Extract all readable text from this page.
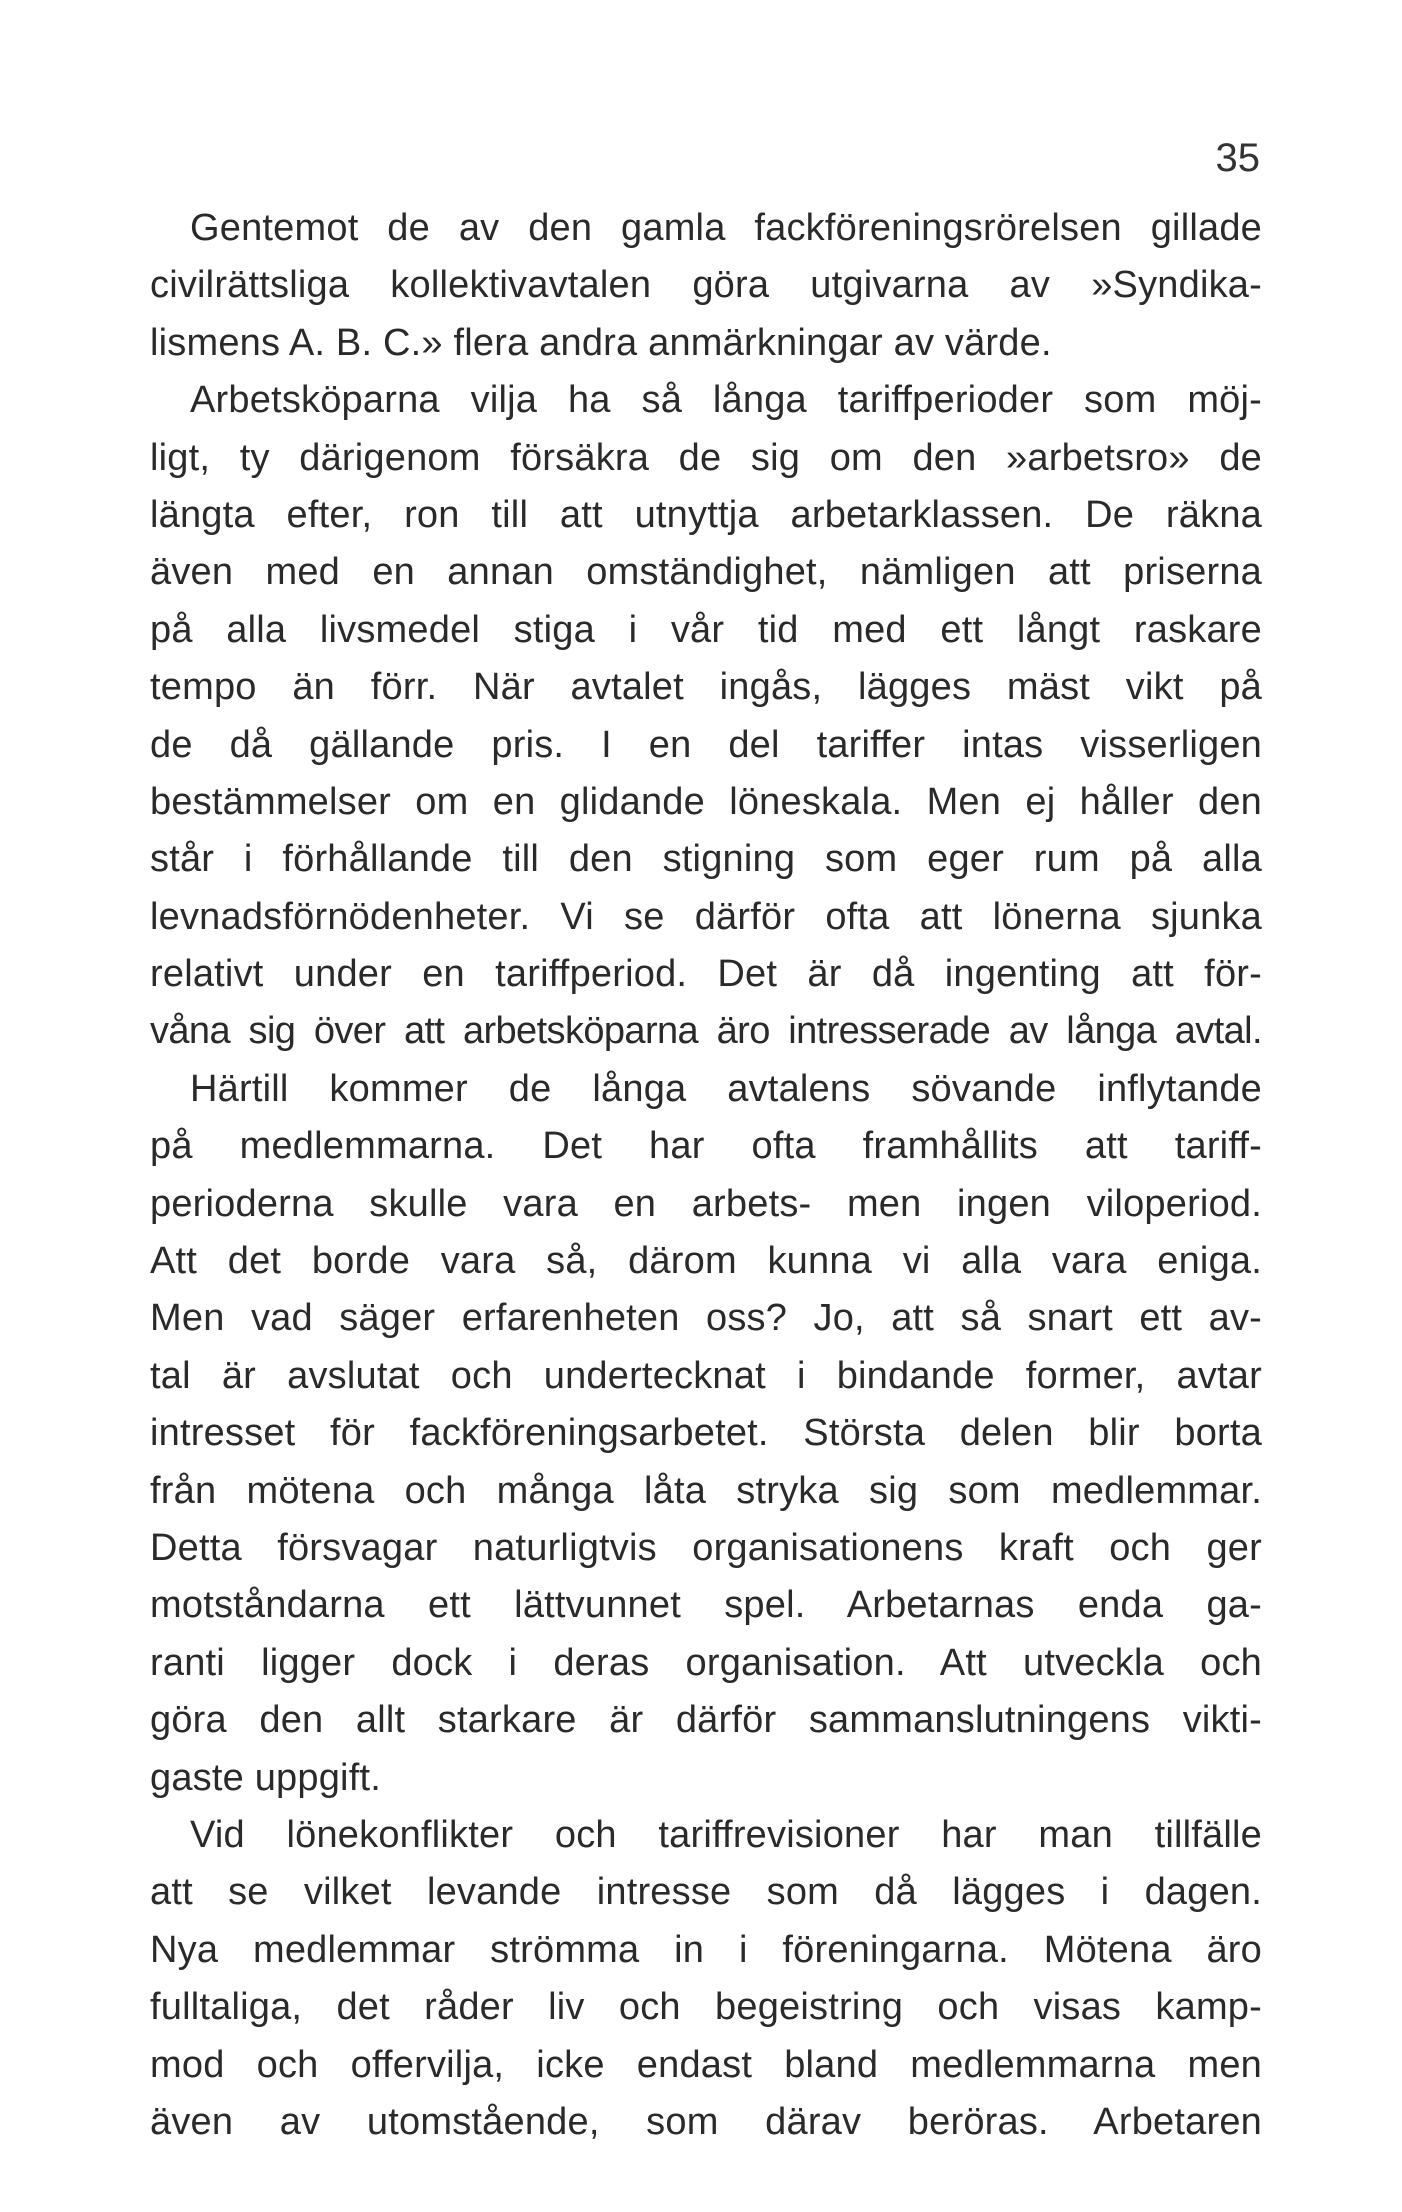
35
Gentemot de av den gamla fackföreningsrörelsen gillade
civilrättsliga kollektivavtalen göra utgivarna av »Syndika-
lismens A. B. C.» flera andra anmärkningar av värde.
Arbetsköparna vilja ha så långa tariffperioder som möj-
ligt, ty därigenom försäkra de sig om den »arbetsro» de
längta efter, ron till att utnyttja arbetarklassen. De räkna
även med en annan omständighet, nämligen att priserna
på alla livsmedel stiga i vår tid med ett långt raskare
tempo än förr. När avtalet ingås, lägges mäst vikt på
de då gällande pris. I en del tariffer intas visserligen
bestämmelser om en glidande löneskala. Men ej håller den
står i förhållande till den stigning som eger rum på alla
levnadsförnödenheter. Vi se därför ofta att lönerna sjunka
relativt under en tariffperiod. Det är då ingenting att för-
våna sig över att arbetsköparna äro intresserade av långa avtal.
Härtill kommer de långa avtalens sövande inflytande
på medlemmarna. Det har ofta framhållits att tariff-
perioderna skulle vara en arbets- men ingen viloperiod.
Att det borde vara så, därom kunna vi alla vara eniga.
Men vad säger erfarenheten oss? Jo, att så snart ett av-
tal är avslutat och undertecknat i bindande former, avtar
intresset för fackföreningsarbetet. Största delen blir borta
från mötena och många låta stryka sig som medlemmar.
Detta försvagar naturligtvis organisationens kraft och ger
motståndarna ett lättvunnet spel. Arbetarnas enda ga-
ranti ligger dock i deras organisation. Att utveckla och
göra den allt starkare är därför sammanslutningens vikti-
gaste uppgift.
Vid lönekonflikter och tariffrevisioner har man tillfälle
att se vilket levande intresse som då lägges i dagen.
Nya medlemmar strömma in i föreningarna. Mötena äro
fulltaliga, det råder liv och begeistring och visas kamp-
mod och offervilja, icke endast bland medlemmarna men
även av utomstående, som därav beröras. Arbetaren
